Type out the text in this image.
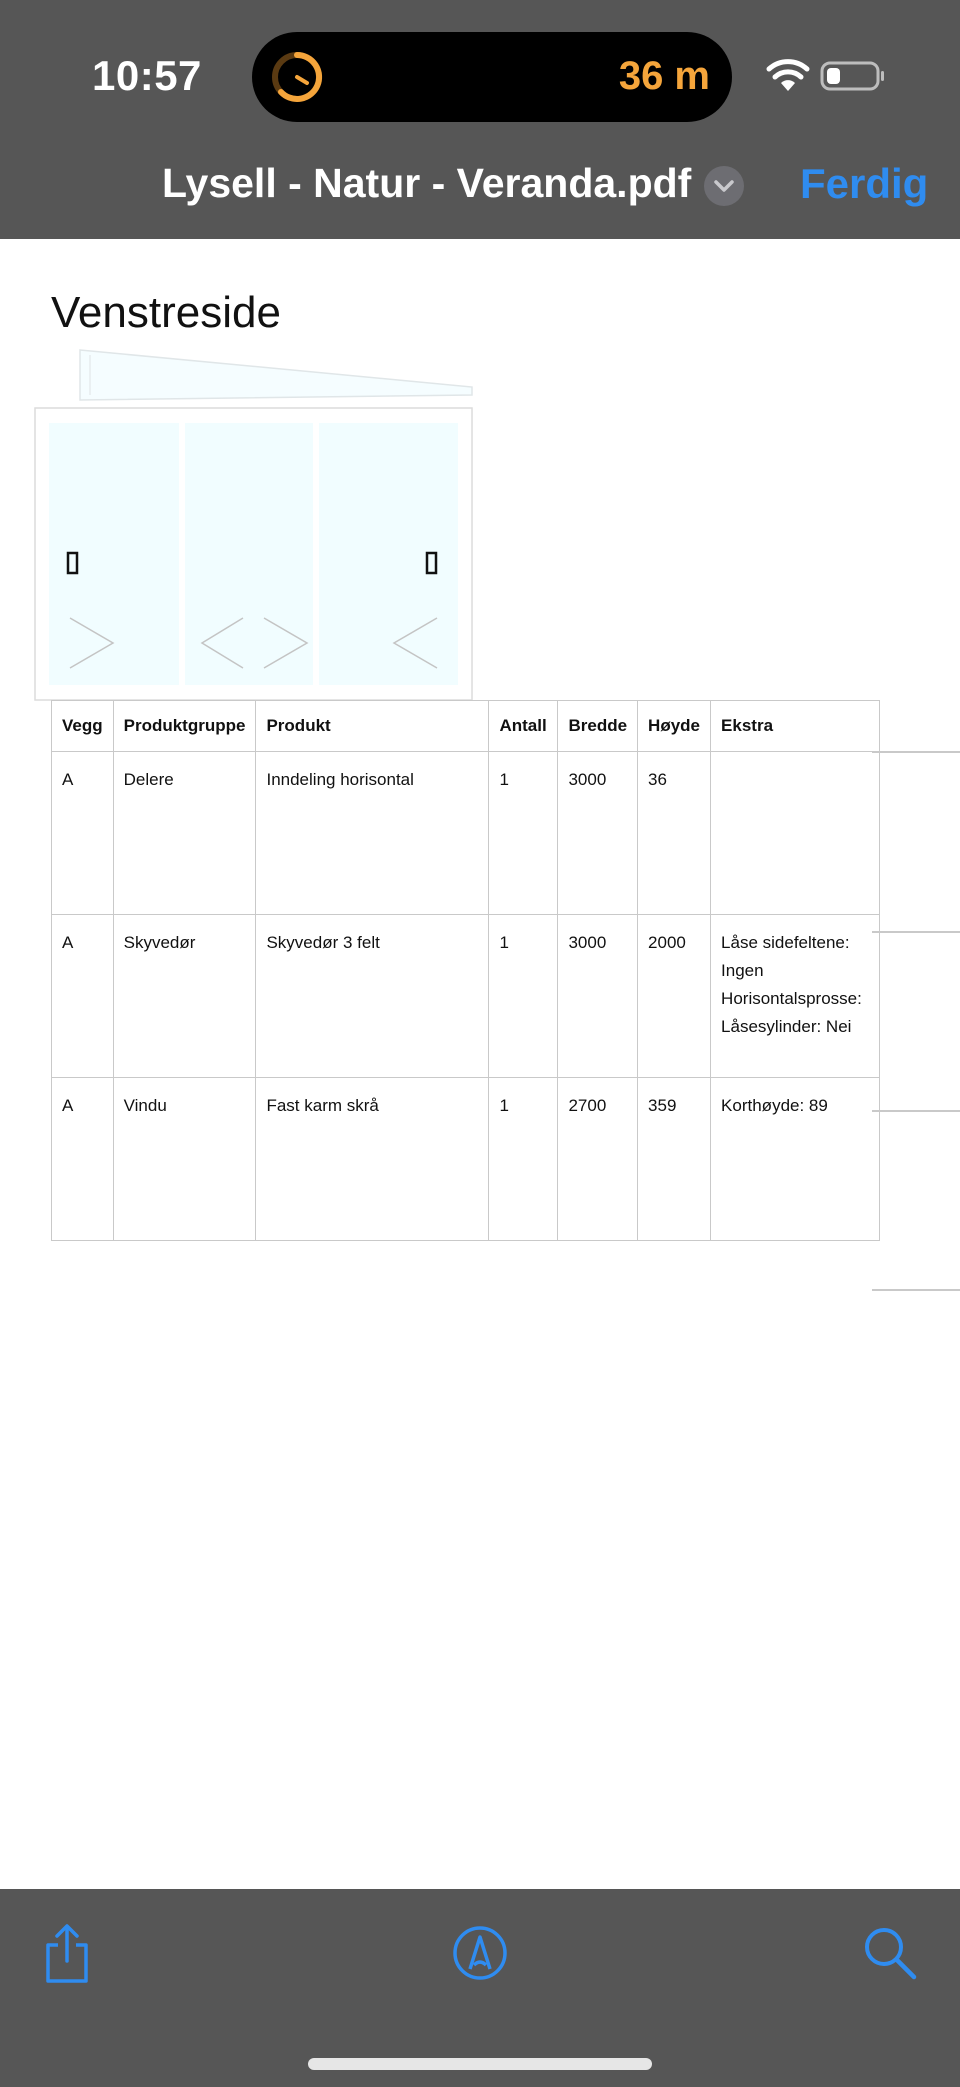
10:57	36 m
Lysell - Natur - Veranda.pdf	Ferdig
Venstreside
Vegg	Produktgruppe	Produkt	Antall	Bredde	Høyde	Ekstra
A	Delere	Inndeling horisontal	1	3000	36	
A	Skyvedør	Skyvedør 3 felt	1	3000	2000	Låse sidefeltene:
Ingen
Horisontalsprosse:
Låsesylinder: Nei
A	Vindu	Fast karm skrå	1	2700	359	Korthøyde: 89
